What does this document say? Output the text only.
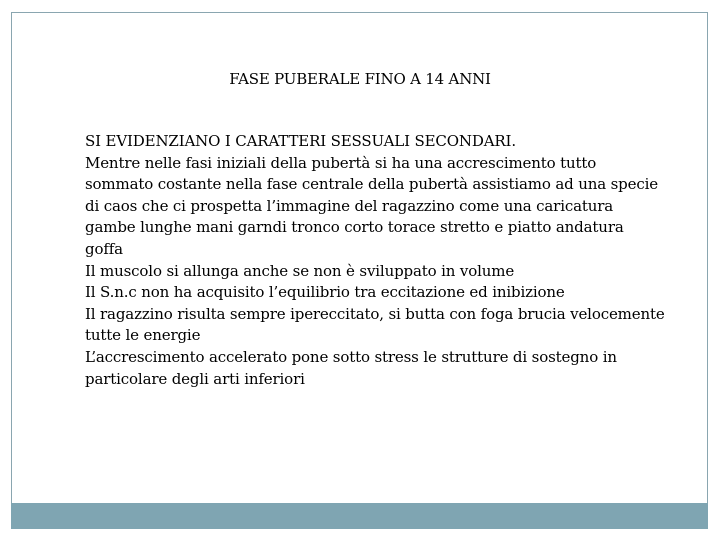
FASE PUBERALE FINO A 14 ANNI

SI EVIDENZIANO I CARATTERI SESSUALI SECONDARI.

Mentre nelle fasi iniziali della pubertà si ha una accrescimento tutto sommato costante nella fase centrale della pubertà assistiamo ad una specie di caos che ci prospetta l’immagine del ragazzino come una caricatura gambe lunghe mani garndi tronco corto torace stretto e piatto andatura goffa

Il muscolo si allunga anche se non è sviluppato in volume

Il S.n.c non ha acquisito l’equilibrio tra eccitazione ed inibizione

Il ragazzino risulta sempre ipereccitato, si butta con foga brucia velocemente tutte le energie

L’accrescimento accelerato pone sotto stress le strutture di sostegno in particolare degli arti inferiori
